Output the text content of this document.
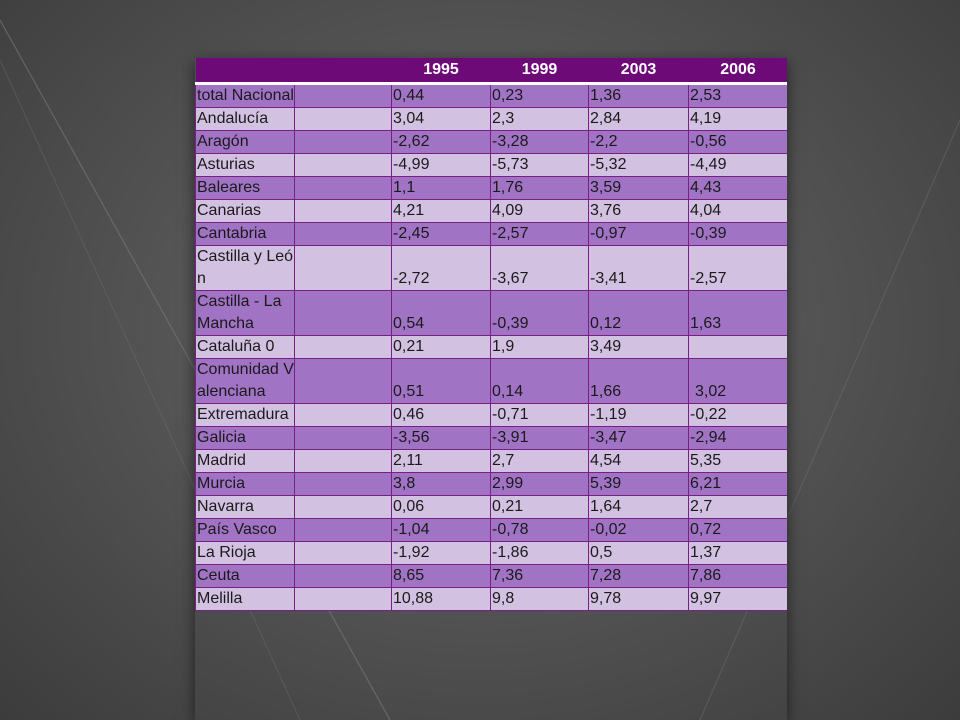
		1995	1999	2003	2006
total Nacional		0,44	0,23	1,36	2,53
Andalucía		3,04	2,3	2,84	4,19
Aragón		-2,62	-3,28	-2,2	-0,56
Asturias		-4,99	-5,73	-5,32	-4,49
Baleares		1,1	1,76	3,59	4,43
Canarias		4,21	4,09	3,76	4,04
Cantabria		-2,45	-2,57	-0,97	-0,39
Castilla y León		-2,72	-3,67	-3,41	-2,57
Castilla - La Mancha		0,54	-0,39	0,12	1,63
Cataluña 0		0,21	1,9	3,49	
Comunidad Valenciana		0,51	0,14	1,66	3,02
Extremadura		0,46	-0,71	-1,19	-0,22
Galicia		-3,56	-3,91	-3,47	-2,94
Madrid		2,11	2,7	4,54	5,35
Murcia		3,8	2,99	5,39	6,21
Navarra		0,06	0,21	1,64	2,7
País Vasco		-1,04	-0,78	-0,02	0,72
La Rioja		-1,92	-1,86	0,5	1,37
Ceuta		8,65	7,36	7,28	7,86
Melilla		10,88	9,8	9,78	9,97
